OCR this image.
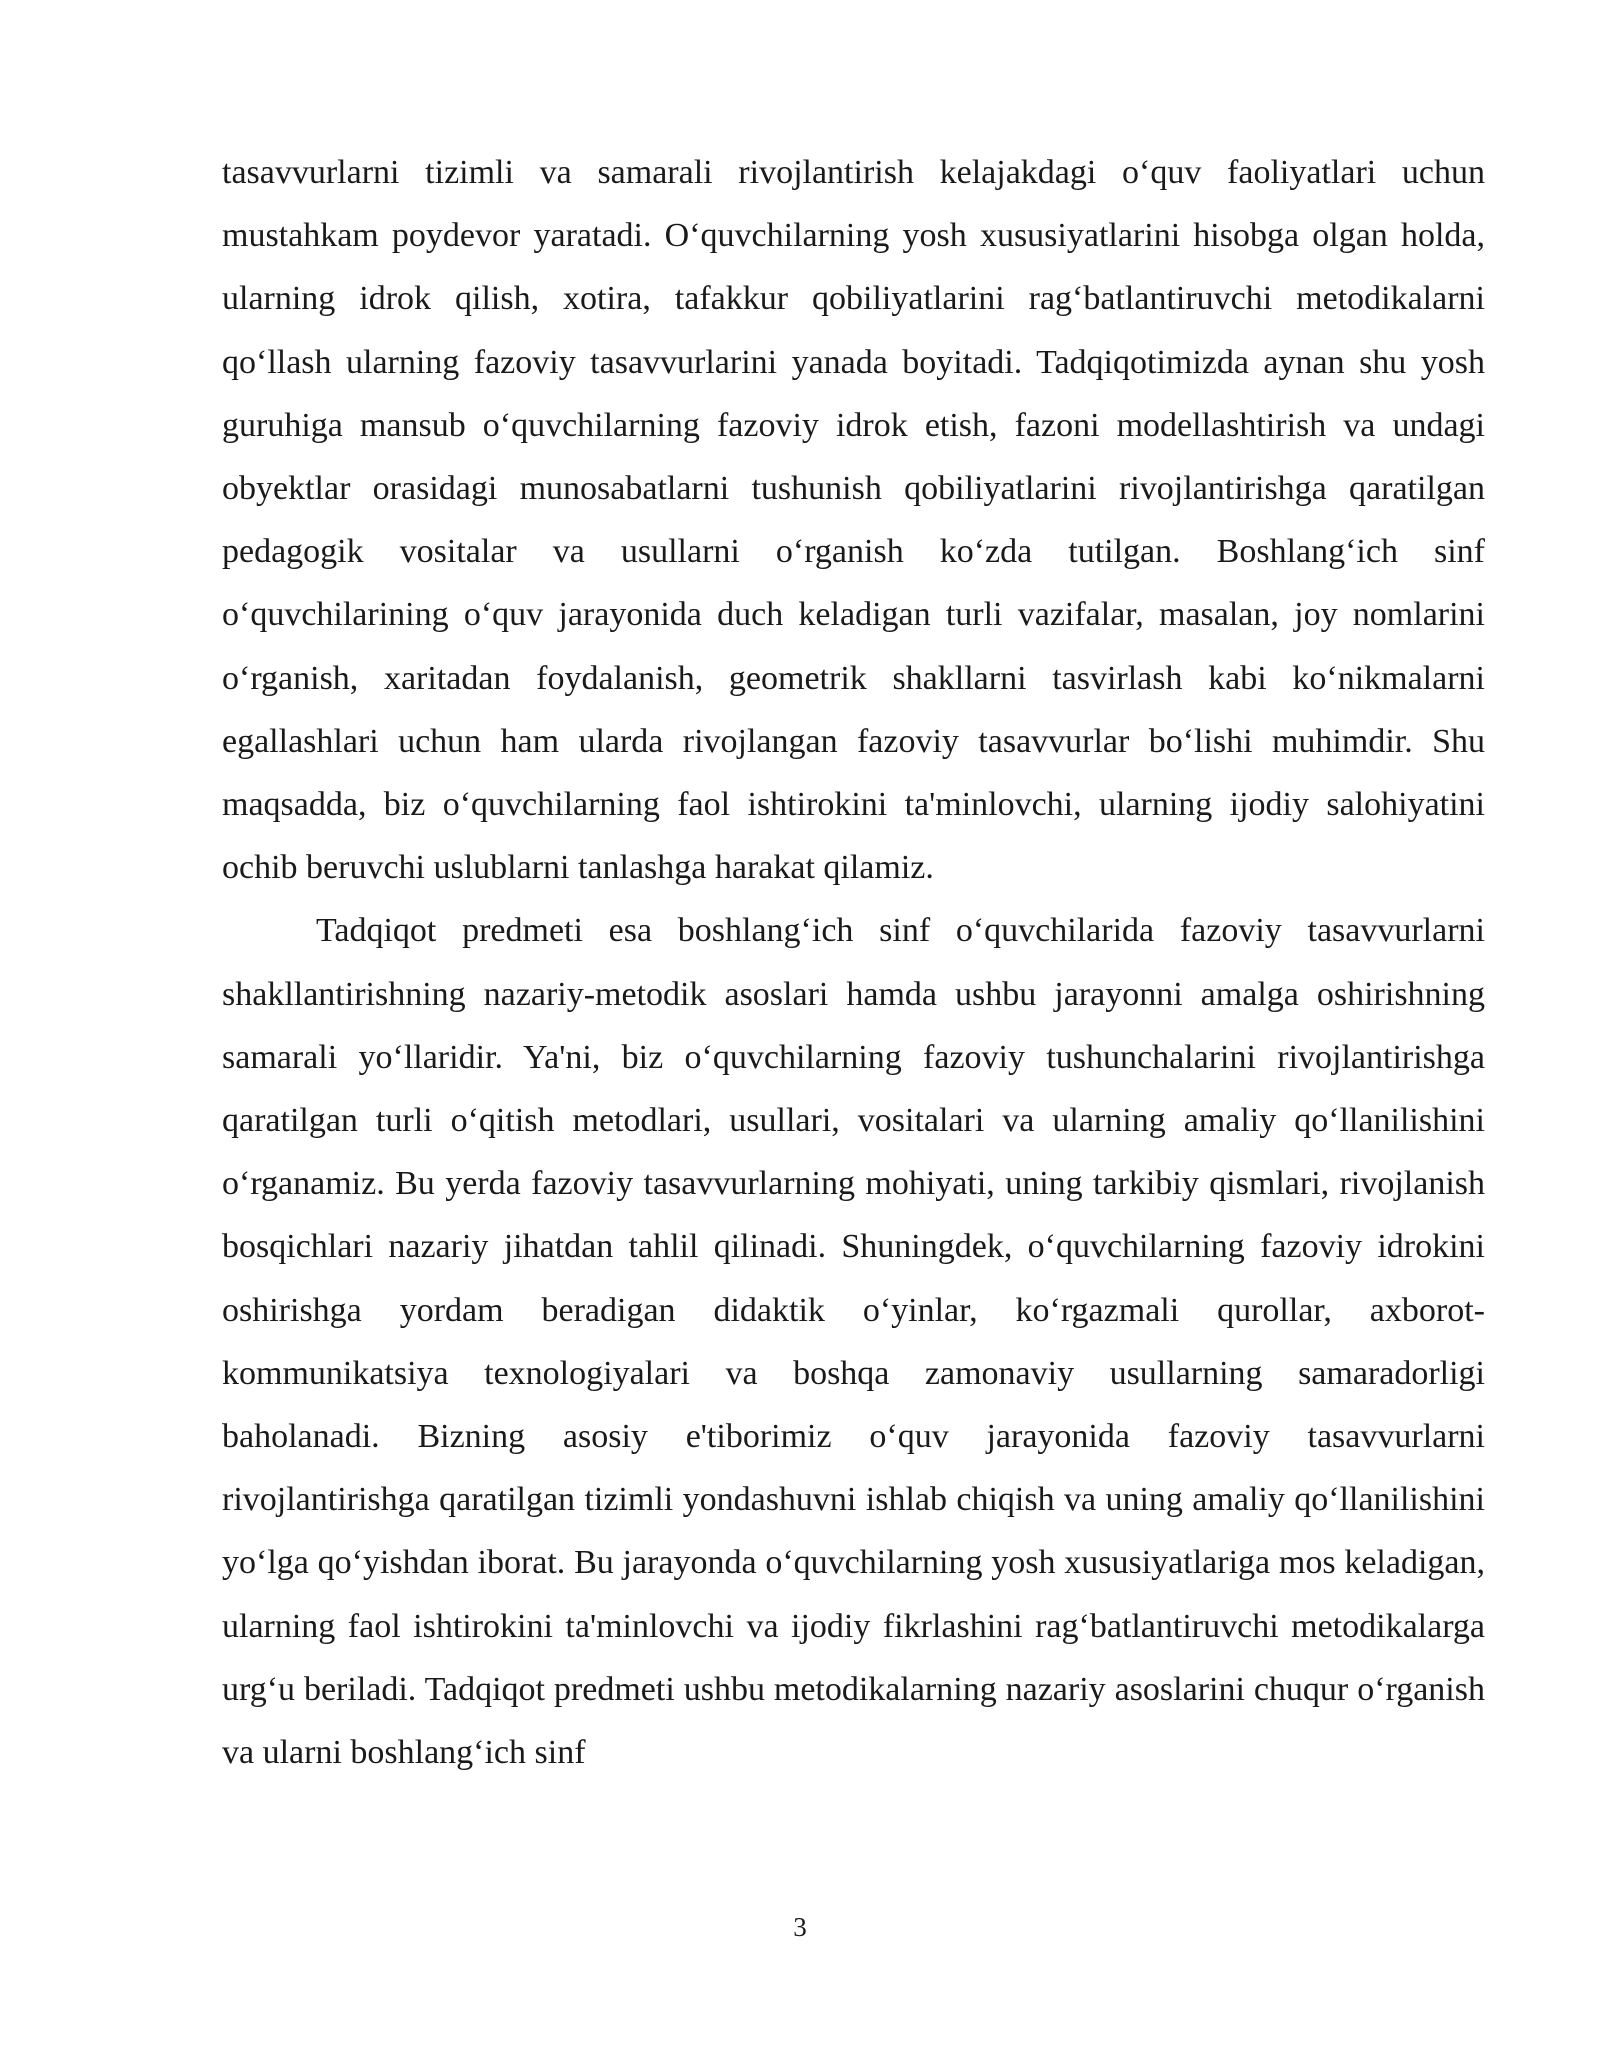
tasavvurlarni tizimli va samarali rivojlantirish kelajakdagi o‘quv faoliyatlari uchun mustahkam poydevor yaratadi. O‘quvchilarning yosh xususiyatlarini hisobga olgan holda, ularning idrok qilish, xotira, tafakkur qobiliyatlarini rag‘batlantiruvchi metodikalarni qo‘llash ularning fazoviy tasavvurlarini yanada boyitadi. Tadqiqotimizda aynan shu yosh guruhiga mansub o‘quvchilarning fazoviy idrok etish, fazoni modellashtirish va undagi obyektlar orasidagi munosabatlarni tushunish qobiliyatlarini rivojlantirishga qaratilgan pedagogik vositalar va usullarni o‘rganish ko‘zda tutilgan. Boshlang‘ich sinf o‘quvchilarining o‘quv jarayonida duch keladigan turli vazifalar, masalan, joy nomlarini o‘rganish, xaritadan foydalanish, geometrik shakllarni tasvirlash kabi ko‘nikmalarni egallashlari uchun ham ularda rivojlangan fazoviy tasavvurlar bo‘lishi muhimdir. Shu maqsadda, biz o‘quvchilarning faol ishtirokini ta'minlovchi, ularning ijodiy salohiyatini ochib beruvchi uslublarni tanlashga harakat qilamiz.

Tadqiqot predmeti esa boshlang‘ich sinf o‘quvchilarida fazoviy tasavvurlarni shakllantirishning nazariy-metodik asoslari hamda ushbu jarayonni amalga oshirishning samarali yo‘llaridir. Ya'ni, biz o‘quvchilarning fazoviy tushunchalarini rivojlantirishga qaratilgan turli o‘qitish metodlari, usullari, vositalari va ularning amaliy qo‘llanilishini o‘rganamiz. Bu yerda fazoviy tasavvurlarning mohiyati, uning tarkibiy qismlari, rivojlanish bosqichlari nazariy jihatdan tahlil qilinadi. Shuningdek, o‘quvchilarning fazoviy idrokini oshirishga yordam beradigan didaktik o‘yinlar, ko‘rgazmali qurollar, axborot-kommunikatsiya texnologiyalari va boshqa zamonaviy usullarning samaradorligi baholanadi. Bizning asosiy e'tiborimiz o‘quv jarayonida fazoviy tasavvurlarni rivojlantirishga qaratilgan tizimli yondashuvni ishlab chiqish va uning amaliy qo‘llanilishini yo‘lga qo‘yishdan iborat. Bu jarayonda o‘quvchilarning yosh xususiyatlariga mos keladigan, ularning faol ishtirokini ta'minlovchi va ijodiy fikrlashini rag‘batlantiruvchi metodikalarga urg‘u beriladi. Tadqiqot predmeti ushbu metodikalarning nazariy asoslarini chuqur o‘rganish va ularni boshlang‘ich sinf

3
